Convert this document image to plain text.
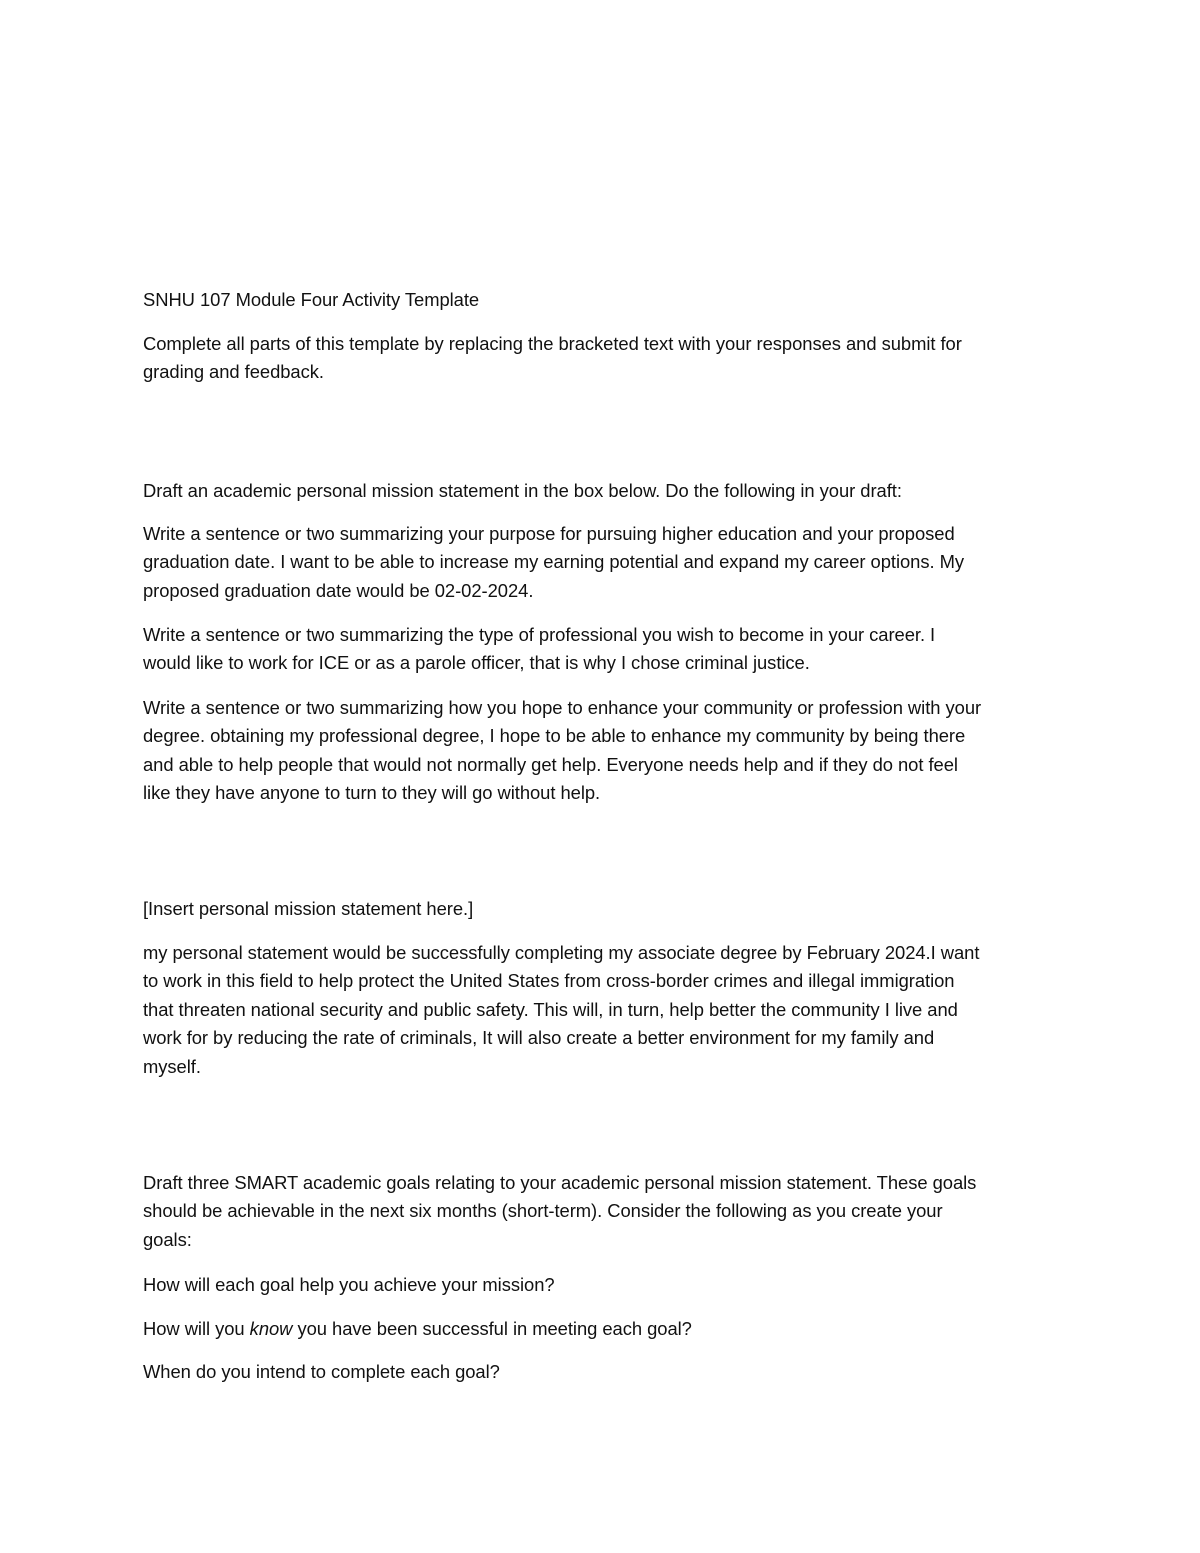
SNHU 107 Module Four Activity Template

Complete all parts of this template by replacing the bracketed text with your responses and submit for
grading and feedback.

Draft an academic personal mission statement in the box below. Do the following in your draft:

Write a sentence or two summarizing your purpose for pursuing higher education and your proposed
graduation date. I want to be able to increase my earning potential and expand my career options. My
proposed graduation date would be 02-02-2024.

Write a sentence or two summarizing the type of professional you wish to become in your career. I
would like to work for ICE or as a parole officer, that is why I chose criminal justice.

Write a sentence or two summarizing how you hope to enhance your community or profession with your
degree. obtaining my professional degree, I hope to be able to enhance my community by being there
and able to help people that would not normally get help. Everyone needs help and if they do not feel
like they have anyone to turn to they will go without help.

[Insert personal mission statement here.]

my personal statement would be successfully completing my associate degree by February 2024.I want
to work in this field to help protect the United States from cross-border crimes and illegal immigration
that threaten national security and public safety. This will, in turn, help better the community I live and
work for by reducing the rate of criminals, It will also create a better environment for my family and
myself.

Draft three SMART academic goals relating to your academic personal mission statement. These goals
should be achievable in the next six months (short-term). Consider the following as you create your
goals:

How will each goal help you achieve your mission?

How will you know you have been successful in meeting each goal?

When do you intend to complete each goal?
